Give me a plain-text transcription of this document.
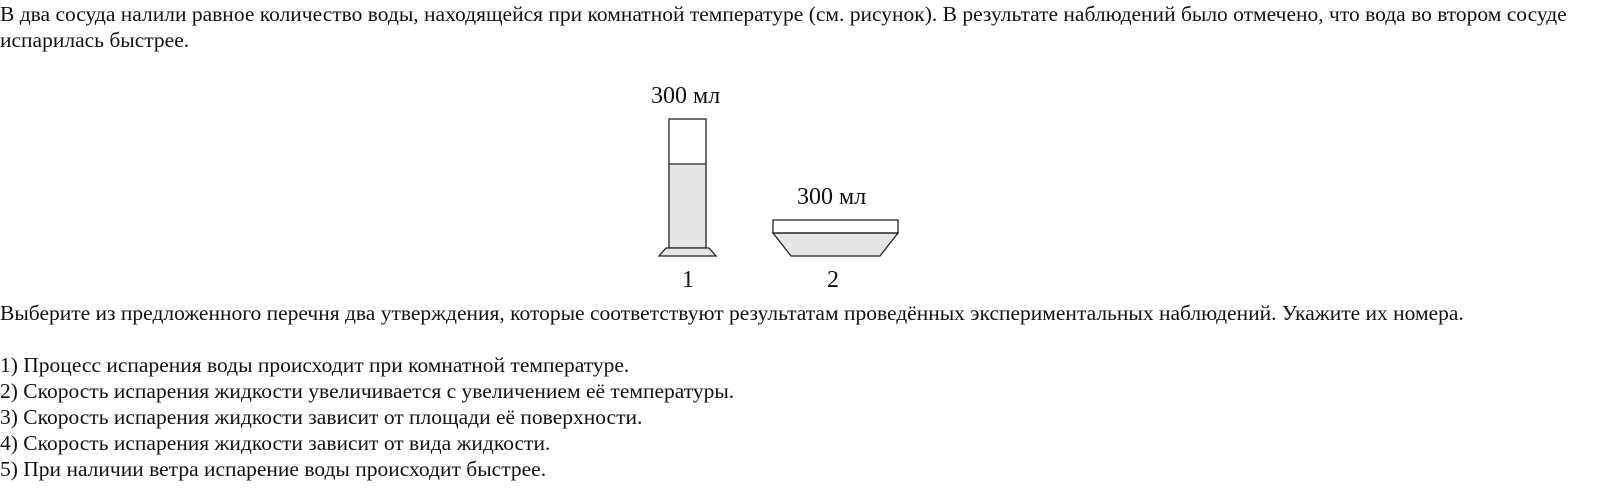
В два сосуда налили равное количество воды, находящейся при комнатной температуре (см. рисунок). В результате наблюдений было отмечено, что вода во втором сосуде испарилась быстрее.

300 мл
1
300 мл
2

Выберите из предложенного перечня два утверждения, которые соответствуют результатам проведённых экспериментальных наблюдений. Укажите их номера.

1) Процесс испарения воды происходит при комнатной температуре.
2) Скорость испарения жидкости увеличивается с увеличением её температуры.
3) Скорость испарения жидкости зависит от площади её поверхности.
4) Скорость испарения жидкости зависит от вида жидкости.
5) При наличии ветра испарение воды происходит быстрее.
